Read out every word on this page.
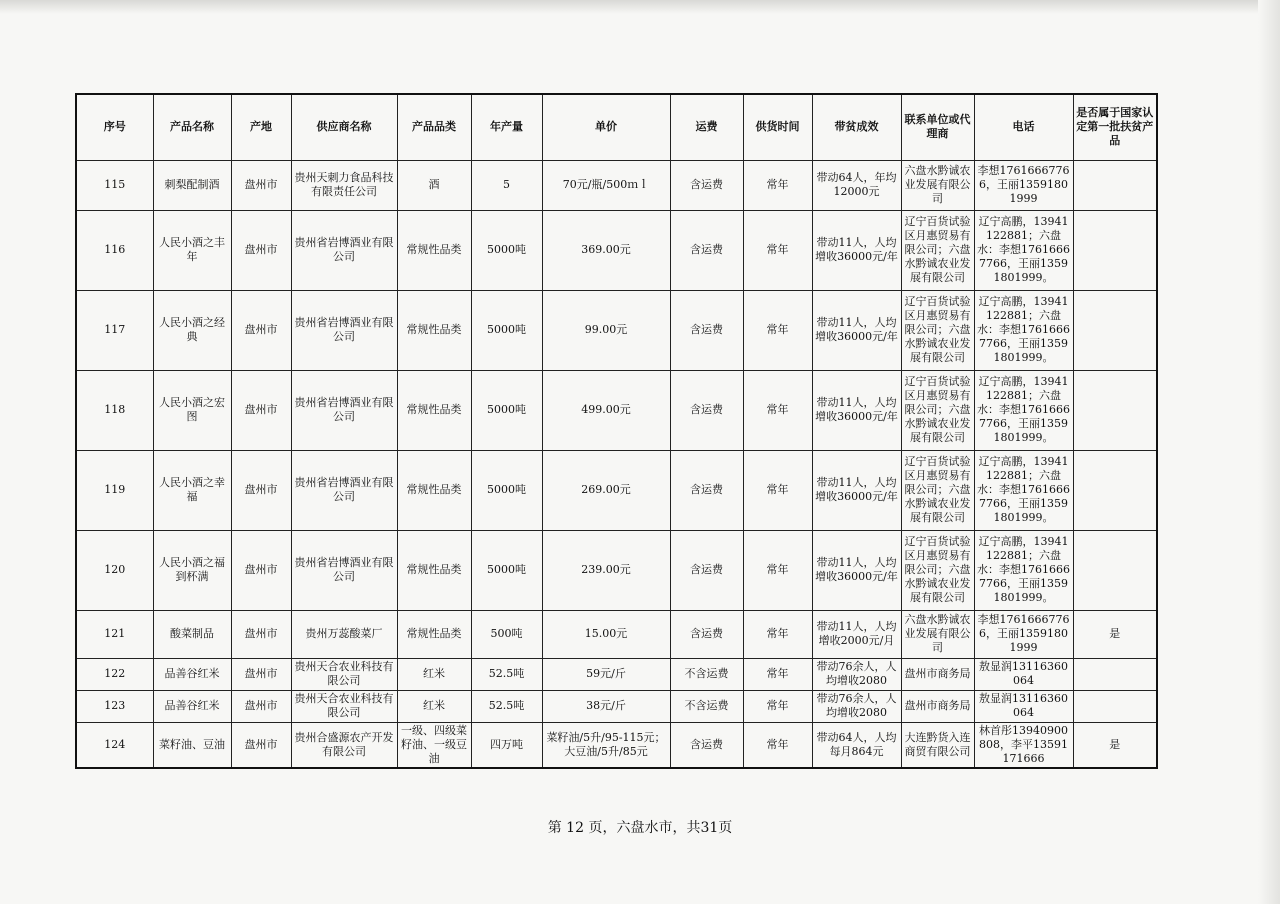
序号	产品名称	产地	供应商名称	产品品类	年产量	单价	运费	供货时间	带贫成效	联系单位或代理商	电话	是否属于国家认定第一批扶贫产品
115	刺梨配制酒	盘州市	贵州天刺力食品科技有限责任公司	酒	5	70元/瓶/500ｍｌ	含运费	常年	带动64人，年均12000元	六盘水黔诚农业发展有限公司	李想17616667766，王丽13591801999	
116	人民小酒之丰年	盘州市	贵州省岩博酒业有限公司	常规性品类	5000吨	369.00元	含运费	常年	带动11人，人均增收36000元/年	辽宁百货试验区月惠贸易有限公司；六盘水黔诚农业发展有限公司	辽宁高鹏，13941122881；六盘水：李想17616667766，王丽13591801999。	
117	人民小酒之经典	盘州市	贵州省岩博酒业有限公司	常规性品类	5000吨	99.00元	含运费	常年	带动11人，人均增收36000元/年	辽宁百货试验区月惠贸易有限公司；六盘水黔诚农业发展有限公司	辽宁高鹏，13941122881；六盘水：李想17616667766，王丽13591801999。	
118	人民小酒之宏图	盘州市	贵州省岩博酒业有限公司	常规性品类	5000吨	499.00元	含运费	常年	带动11人，人均增收36000元/年	辽宁百货试验区月惠贸易有限公司；六盘水黔诚农业发展有限公司	辽宁高鹏，13941122881；六盘水：李想17616667766，王丽13591801999。	
119	人民小酒之幸福	盘州市	贵州省岩博酒业有限公司	常规性品类	5000吨	269.00元	含运费	常年	带动11人，人均增收36000元/年	辽宁百货试验区月惠贸易有限公司；六盘水黔诚农业发展有限公司	辽宁高鹏，13941122881；六盘水：李想17616667766，王丽13591801999。	
120	人民小酒之福到杯满	盘州市	贵州省岩博酒业有限公司	常规性品类	5000吨	239.00元	含运费	常年	带动11人，人均增收36000元/年	辽宁百货试验区月惠贸易有限公司；六盘水黔诚农业发展有限公司	辽宁高鹏，13941122881；六盘水：李想17616667766，王丽13591801999。	
121	酸菜制品	盘州市	贵州万蕊酸菜厂	常规性品类	500吨	15.00元	含运费	常年	带动11人，人均增收2000元/月	六盘水黔诚农业发展有限公司	李想17616667766，王丽13591801999	是
122	品善谷红米	盘州市	贵州天合农业科技有限公司	红米	52.5吨	59元/斤	不含运费	常年	带动76余人，人均增收2080	盘州市商务局	敖显润13116360064	
123	品善谷红米	盘州市	贵州天合农业科技有限公司	红米	52.5吨	38元/斤	不含运费	常年	带动76余人，人均增收2080	盘州市商务局	敖显润13116360064	
124	菜籽油、豆油	盘州市	贵州合盛源农产开发有限公司	一级、四级菜籽油、一级豆油	四万吨	菜籽油/5升/95-115元；大豆油/5升/85元	含运费	常年	带动64人，人均每月864元	大连黔货入连商贸有限公司	林首彤13940900808，李平13591171666	是
第 12 页，六盘水市，共31页
